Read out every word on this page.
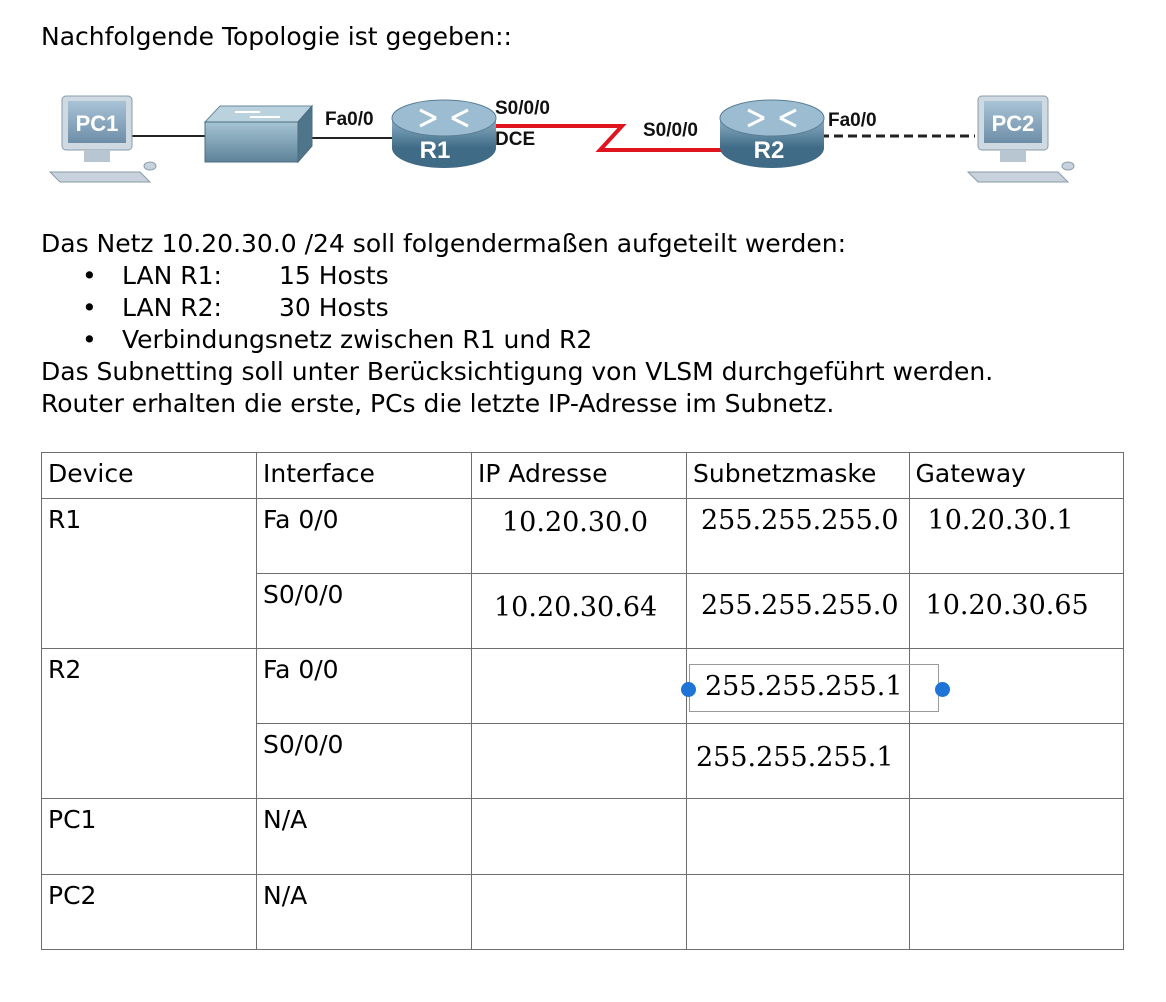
Nachfolgende Topologie ist gegeben::
PC1
R1	R2
PC2
Fa0/0
S0/0/0
DCE	S0/0/0	Fa0/0
Das Netz 10.20.30.0 /24 soll folgendermaßen aufgeteilt werden:
• LAN R1: 15 Hosts
• LAN R2: 30 Hosts
• Verbindungsnetz zwischen R1 und R2
Das Subnetting soll unter Berücksichtigung von VLSM durchgeführt werden.
Router erhalten die erste, PCs die letzte IP-Adresse im Subnetz.
Device	Interface	IP Adresse	Subnetzmaske	Gateway
R1	Fa 0/0	10.20.30.0	255.255.255.0	10.20.30.1
	S0/0/0	10.20.30.64	255.255.255.0	10.20.30.65
R2	Fa 0/0		255.255.255.1	
	S0/0/0		255.255.255.1	
PC1	N/A			
PC2	N/A			
